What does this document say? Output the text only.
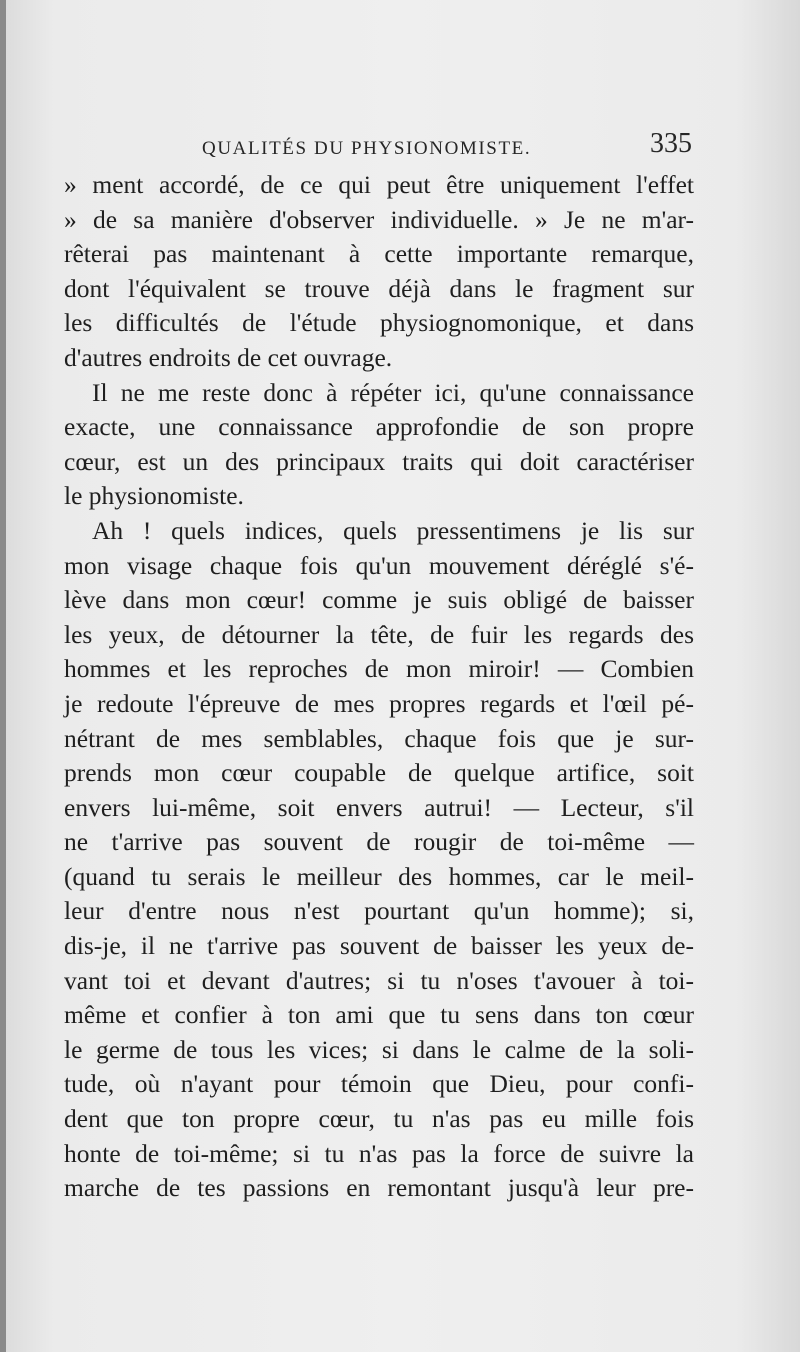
QUALITÉS DU PHYSIONOMISTE.	335
» ment accordé, de ce qui peut être uniquement l'effet
» de sa manière d'observer individuelle. » Je ne m'ar-
rêterai pas maintenant à cette importante remarque,
dont l'équivalent se trouve déjà dans le fragment sur
les difficultés de l'étude physiognomonique, et dans
d'autres endroits de cet ouvrage.
Il ne me reste donc à répéter ici, qu'une connaissance
exacte, une connaissance approfondie de son propre
cœur, est un des principaux traits qui doit caractériser
le physionomiste.
Ah ! quels indices, quels pressentimens je lis sur
mon visage chaque fois qu'un mouvement déréglé s'é-
lève dans mon cœur! comme je suis obligé de baisser
les yeux, de détourner la tête, de fuir les regards des
hommes et les reproches de mon miroir! — Combien
je redoute l'épreuve de mes propres regards et l'œil pé-
nétrant de mes semblables, chaque fois que je sur-
prends mon cœur coupable de quelque artifice, soit
envers lui-même, soit envers autrui! — Lecteur, s'il
ne t'arrive pas souvent de rougir de toi-même —
(quand tu serais le meilleur des hommes, car le meil-
leur d'entre nous n'est pourtant qu'un homme); si,
dis-je, il ne t'arrive pas souvent de baisser les yeux de-
vant toi et devant d'autres; si tu n'oses t'avouer à toi-
même et confier à ton ami que tu sens dans ton cœur
le germe de tous les vices; si dans le calme de la soli-
tude, où n'ayant pour témoin que Dieu, pour confi-
dent que ton propre cœur, tu n'as pas eu mille fois
honte de toi-même; si tu n'as pas la force de suivre la
marche de tes passions en remontant jusqu'à leur pre-
